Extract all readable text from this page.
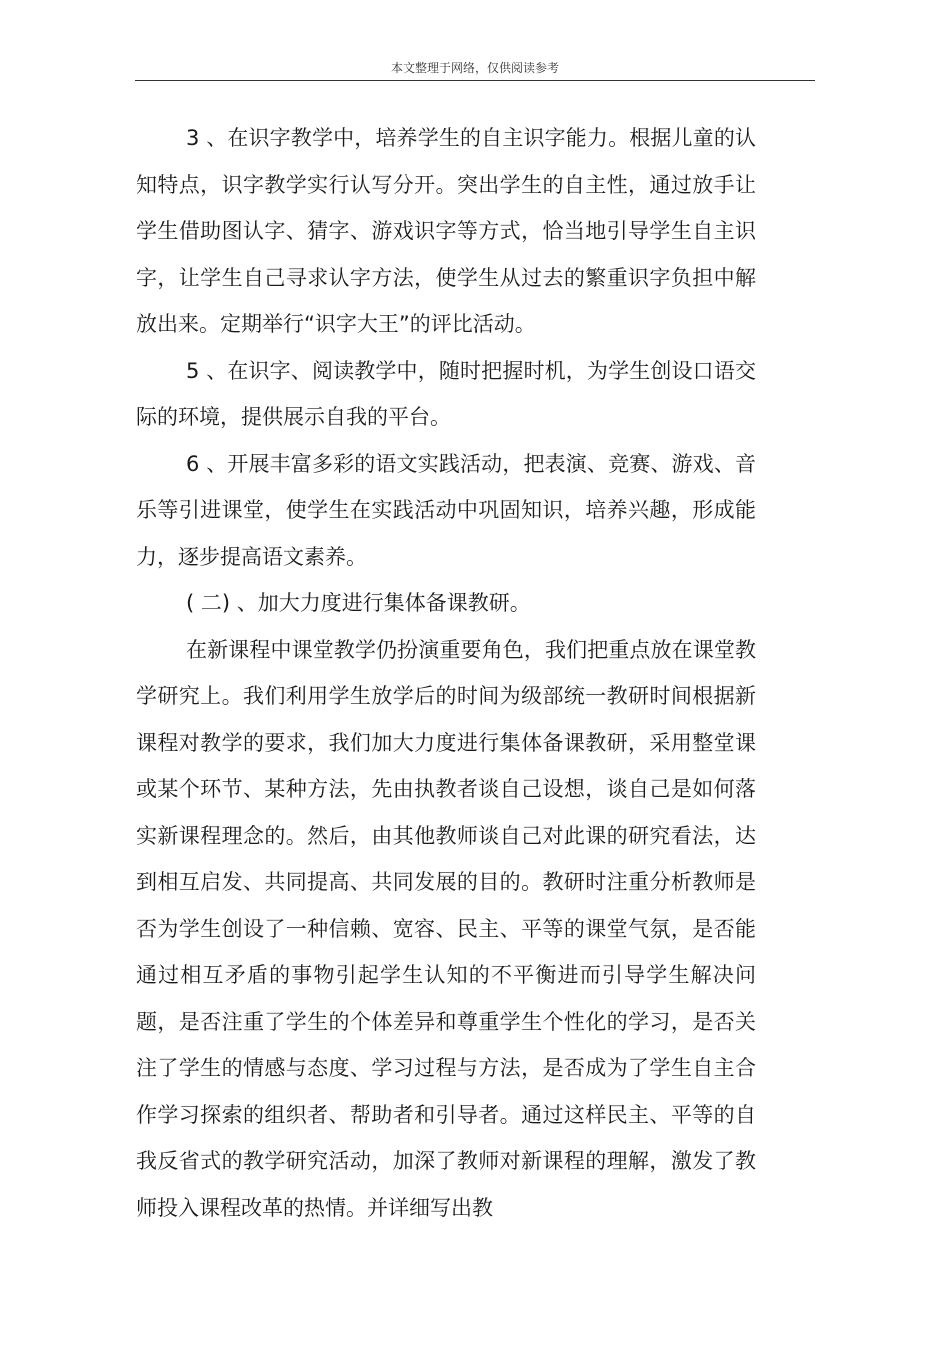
本文整理于网络，仅供阅读参考

3 、在识字教学中，培养学生的自主识字能力。根据儿童的认知特点，识字教学实行认写分开。突出学生的自主性，通过放手让学生借助图认字、猜字、游戏识字等方式，恰当地引导学生自主识字，让学生自己寻求认字方法，使学生从过去的繁重识字负担中解放出来。定期举行“识字大王”的评比活动。

5 、在识字、阅读教学中，随时把握时机，为学生创设口语交际的环境，提供展示自我的平台。

6 、开展丰富多彩的语文实践活动，把表演、竞赛、游戏、音乐等引进课堂，使学生在实践活动中巩固知识，培养兴趣，形成能力，逐步提高语文素养。

( 二) 、加大力度进行集体备课教研。

在新课程中课堂教学仍扮演重要角色，我们把重点放在课堂教学研究上。我们利用学生放学后的时间为级部统一教研时间根据新课程对教学的要求，我们加大力度进行集体备课教研，采用整堂课或某个环节、某种方法，先由执教者谈自己设想，谈自己是如何落实新课程理念的。然后，由其他教师谈自己对此课的研究看法，达到相互启发、共同提高、共同发展的目的。教研时注重分析教师是否为学生创设了一种信赖、宽容、民主、平等的课堂气氛，是否能通过相互矛盾的事物引起学生认知的不平衡进而引导学生解决问题，是否注重了学生的个体差异和尊重学生个性化的学习，是否关注了学生的情感与态度、学习过程与方法，是否成为了学生自主合作学习探索的组织者、帮助者和引导者。通过这样民主、平等的自我反省式的教学研究活动，加深了教师对新课程的理解，激发了教师投入课程改革的热情。并详细写出教
